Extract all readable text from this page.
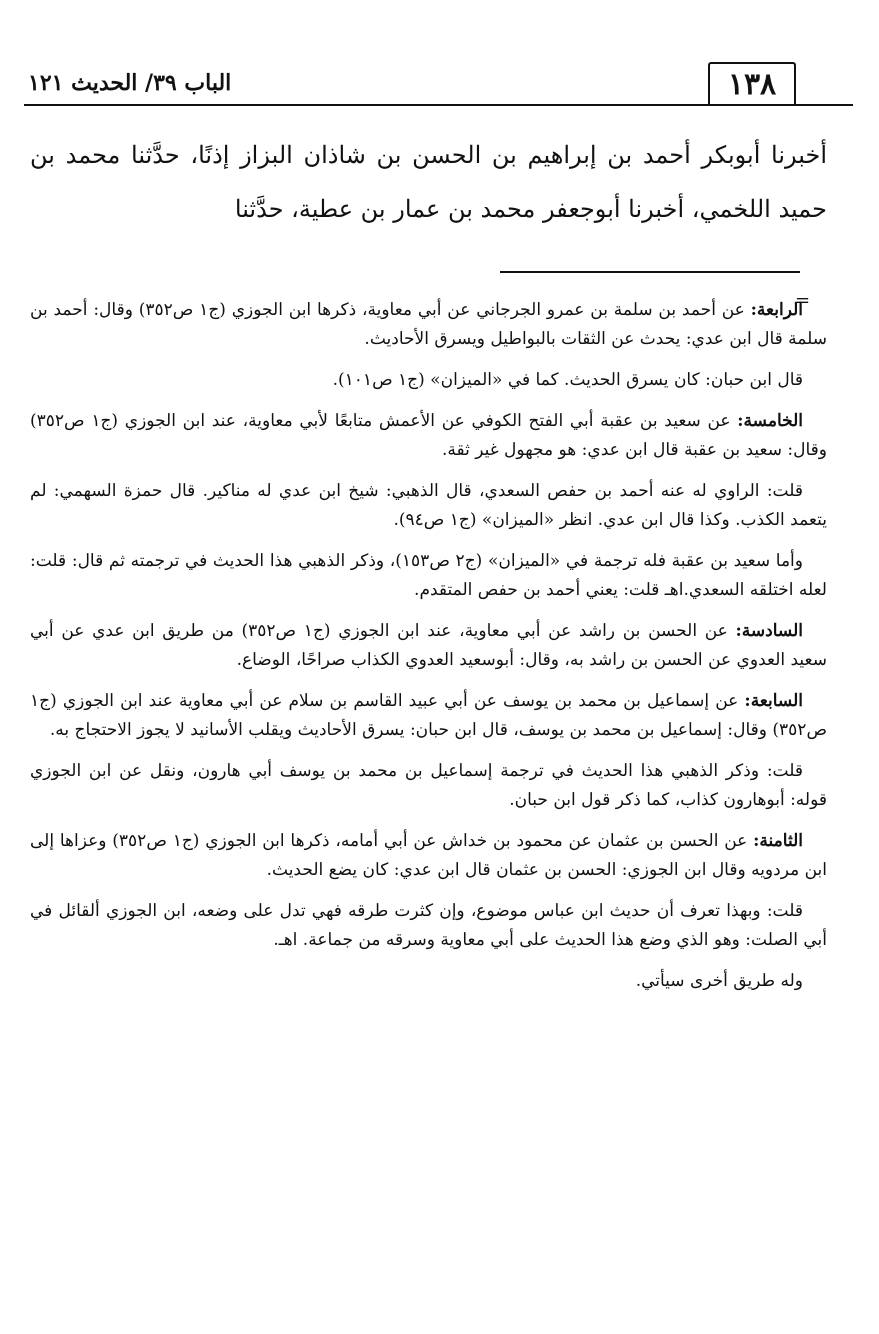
١٣٨
الباب ٣٩/ الحديث ١٢١

أخبرنا أبوبكر أحمد بن إبراهيم بن الحسن بن شاذان البزاز إذنًا، حدَّثنا محمد بن حميد اللخمي، أخبرنا أبوجعفر محمد بن عمار بن عطية، حدَّثنا

=

الرابعة: عن أحمد بن سلمة بن عمرو الجرجاني عن أبي معاوية، ذكرها ابن الجوزي (ج١ ص٣٥٢) وقال: أحمد بن سلمة قال ابن عدي: يحدث عن الثقات بالبواطيل ويسرق الأحاديث.

قال ابن حبان: كان يسرق الحديث. كما في «الميزان» (ج١ ص١٠١).

الخامسة: عن سعيد بن عقبة أبي الفتح الكوفي عن الأعمش متابعًا لأبي معاوية، عند ابن الجوزي (ج١ ص٣٥٢) وقال: سعيد بن عقبة قال ابن عدي: هو مجهول غير ثقة.

قلت: الراوي له عنه أحمد بن حفص السعدي، قال الذهبي: شيخ ابن عدي له مناكير. قال حمزة السهمي: لم يتعمد الكذب. وكذا قال ابن عدي. انظر «الميزان» (ج١ ص٩٤).

وأما سعيد بن عقبة فله ترجمة في «الميزان» (ج٢ ص١٥٣)، وذكر الذهبي هذا الحديث في ترجمته ثم قال: قلت: لعله اختلقه السعدي.اهـ قلت: يعني أحمد بن حفص المتقدم.

السادسة: عن الحسن بن راشد عن أبي معاوية، عند ابن الجوزي (ج١ ص٣٥٢) من طريق ابن عدي عن أبي سعيد العدوي عن الحسن بن راشد به، وقال: أبوسعيد العدوي الكذاب صراحًا، الوضاع.

السابعة: عن إسماعيل بن محمد بن يوسف عن أبي عبيد القاسم بن سلام عن أبي معاوية عند ابن الجوزي (ج١ ص٣٥٢) وقال: إسماعيل بن محمد بن يوسف، قال ابن حبان: يسرق الأحاديث ويقلب الأسانيد لا يجوز الاحتجاج به.

قلت: وذكر الذهبي هذا الحديث في ترجمة إسماعيل بن محمد بن يوسف أبي هارون، ونقل عن ابن الجوزي قوله: أبوهارون كذاب، كما ذكر قول ابن حبان.

الثامنة: عن الحسن بن عثمان عن محمود بن خداش عن أبي أمامه، ذكرها ابن الجوزي (ج١ ص٣٥٢) وعزاها إلى ابن مردويه وقال ابن الجوزي: الحسن بن عثمان قال ابن عدي: كان يضع الحديث.

قلت: وبهذا تعرف أن حديث ابن عباس موضوع، وإن كثرت طرقه فهي تدل على وضعه، ابن الجوزي ألقائل في أبي الصلت: وهو الذي وضع هذا الحديث على أبي معاوية وسرقه من جماعة. اهـ.

وله طريق أخرى سيأتي.
